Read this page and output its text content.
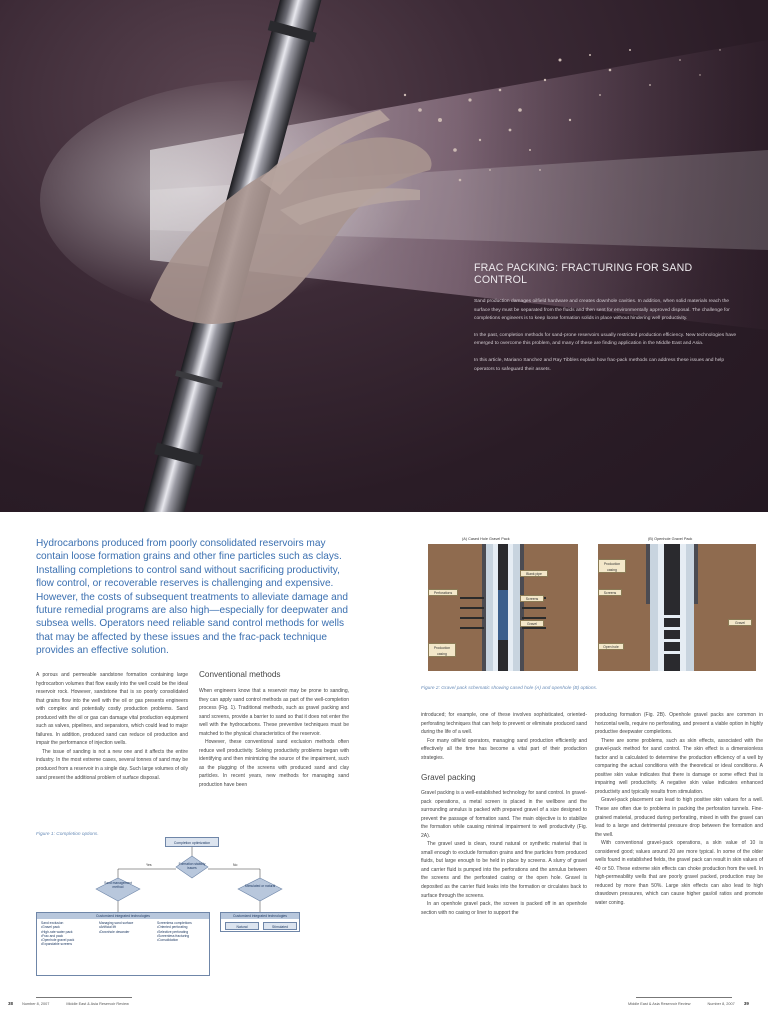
FRAC PACKING: FRACTURING FOR SAND CONTROL

Sand production damages oilfield hardware and creates downhole cavities. In addition, when solid materials reach the surface they must be separated from the fluids and then sent for environmentally approved disposal. The challenge for completions engineers is to keep loose formation solids in place without hindering well productivity.

In the past, completion methods for sand-prone reservoirs usually restricted production efficiency. New technologies have emerged to overcome this problem, and many of these are finding application in the Middle East and Asia.

In this article, Mariano Sanchez and Ray Tibbles explain how frac-pack methods can address these issues and help operators to safeguard their assets.

Hydrocarbons produced from poorly consolidated reservoirs may contain loose formation grains and other fine particles such as clays. Installing completions to control sand without sacrificing productivity, flow control, or recoverable reserves is challenging and expensive. However, the costs of subsequent treatments to alleviate damage and future remedial programs are also high—especially for deepwater and subsea wells. Operators need reliable sand control methods for wells that may be affected by these issues and the frac-pack technique provides an effective solution.

A porous and permeable sandstone formation containing large hydrocarbon volumes that flow easily into the well could be the ideal reservoir rock. However, sandstone that is so poorly consolidated that grains flow into the well with the oil or gas presents engineers with complex and potentially costly production problems. Sand produced with the oil or gas can damage vital production equipment such as valves, pipelines, and separators, which could lead to major failures. In addition, produced sand can reduce oil production and impair the performance of injection wells.

The issue of sanding is not a new one and it affects the entire industry. In the most extreme cases, several tonnes of sand may be produced from a reservoir in a single day. Such large volumes of oily sand present the additional problem of surface disposal.

Conventional methods

When engineers know that a reservoir may be prone to sanding, they can apply sand control methods as part of the well-completion process (Fig. 1). Traditional methods, such as gravel packing and sand screens, provide a barrier to sand so that it does not enter the well with the hydrocarbons. These preventive techniques must be matched to the physical characteristics of the reservoir.

However, these conventional sand exclusion methods often reduce well productivity. Solving productivity problems began with identifying and then minimizing the source of the impairment, such as the plugging of the screens with produced sand and clay particles. In recent years, new methods for managing sand production have been

Figure 1: Completion options.
Completion optimization
Formation stability issues
Yes	No
Sand management method	Stimulated or natural
Customized integrated technologies
Sand exclusion
•Gravel pack
•High-rate water pack
•Frac and pack
•Openhole gravel pack
•Expandable screens
Managing sand surface
•Artificial lift
•Downhole desander
Screenless completions
•Oriented perforating
•Selective perforating
•Screenless fracturing
•Consolidation
Customized integrated technologies
Natural	Stimulated
(A) Cased Hole Gravel Pack	(B) Openhole Gravel Pack
Blank pipe
Perforations
Screens
Gravel
Production casing
Production casing
Screens
Gravel
Open hole
Figure 2: Gravel pack schematic showing cased hole (A) and openhole (B) options.

introduced; for example, one of these involves sophisticated, oriented-perforating techniques that can help to prevent or eliminate produced sand during the life of a well.

For many oilfield operators, managing sand production efficiently and effectively all the time has become a vital part of their production strategies.

Gravel packing

Gravel packing is a well-established technology for sand control. In gravel-pack operations, a metal screen is placed in the wellbore and the surrounding annulus is packed with prepared gravel of a size designed to prevent the passage of formation sand. The main objective is to stabilize the formation while causing minimal impairment to well productivity (Fig. 2A).

The gravel used is clean, round natural or synthetic material that is small enough to exclude formation grains and fine particles from produced fluids, but large enough to be held in place by screens. A slurry of gravel and carrier fluid is pumped into the perforations and the annulus between the screens and the perforated casing or the open hole. Gravel is deposited as the carrier fluid leaks into the formation or circulates back to surface through the screens.

In an openhole gravel pack, the screen is packed off in an openhole section with no casing or liner to support the

producing formation (Fig. 2B). Openhole gravel packs are common in horizontal wells, require no perforating, and present a viable option in highly productive deepwater completions.

There are some problems, such as skin effects, associated with the gravel-pack method for sand control. The skin effect is a dimensionless factor and is calculated to determine the production efficiency of a well by comparing the actual conditions with the theoretical or ideal conditions. A positive skin value indicates that there is damage or some effect that is impairing well productivity. A negative skin value indicates enhanced productivity and typically results from stimulation.

Gravel-pack placement can lead to high positive skin values for a well. These are often due to problems in packing the perforation tunnels. Fine-grained material, produced during perforating, mixed in with the gravel can lead to a large and detrimental pressure drop between the formation and the well.

With conventional gravel-pack operations, a skin value of 10 is considered good; values around 20 are more typical. In some of the older wells found in established fields, the gravel pack can result in skin values of 40 or 50. These extreme skin effects can choke production from the well. In high-permeability wells that are poorly gravel packed, production may be reduced by more than 50%. Large skin effects can also lead to high drawdown pressures, which can cause higher gas/oil ratios and promote water coning.

38 Number 8, 2007	Middle East & Asia Reservoir Review	Middle East & Asia Reservoir Review	Number 8, 2007 39
